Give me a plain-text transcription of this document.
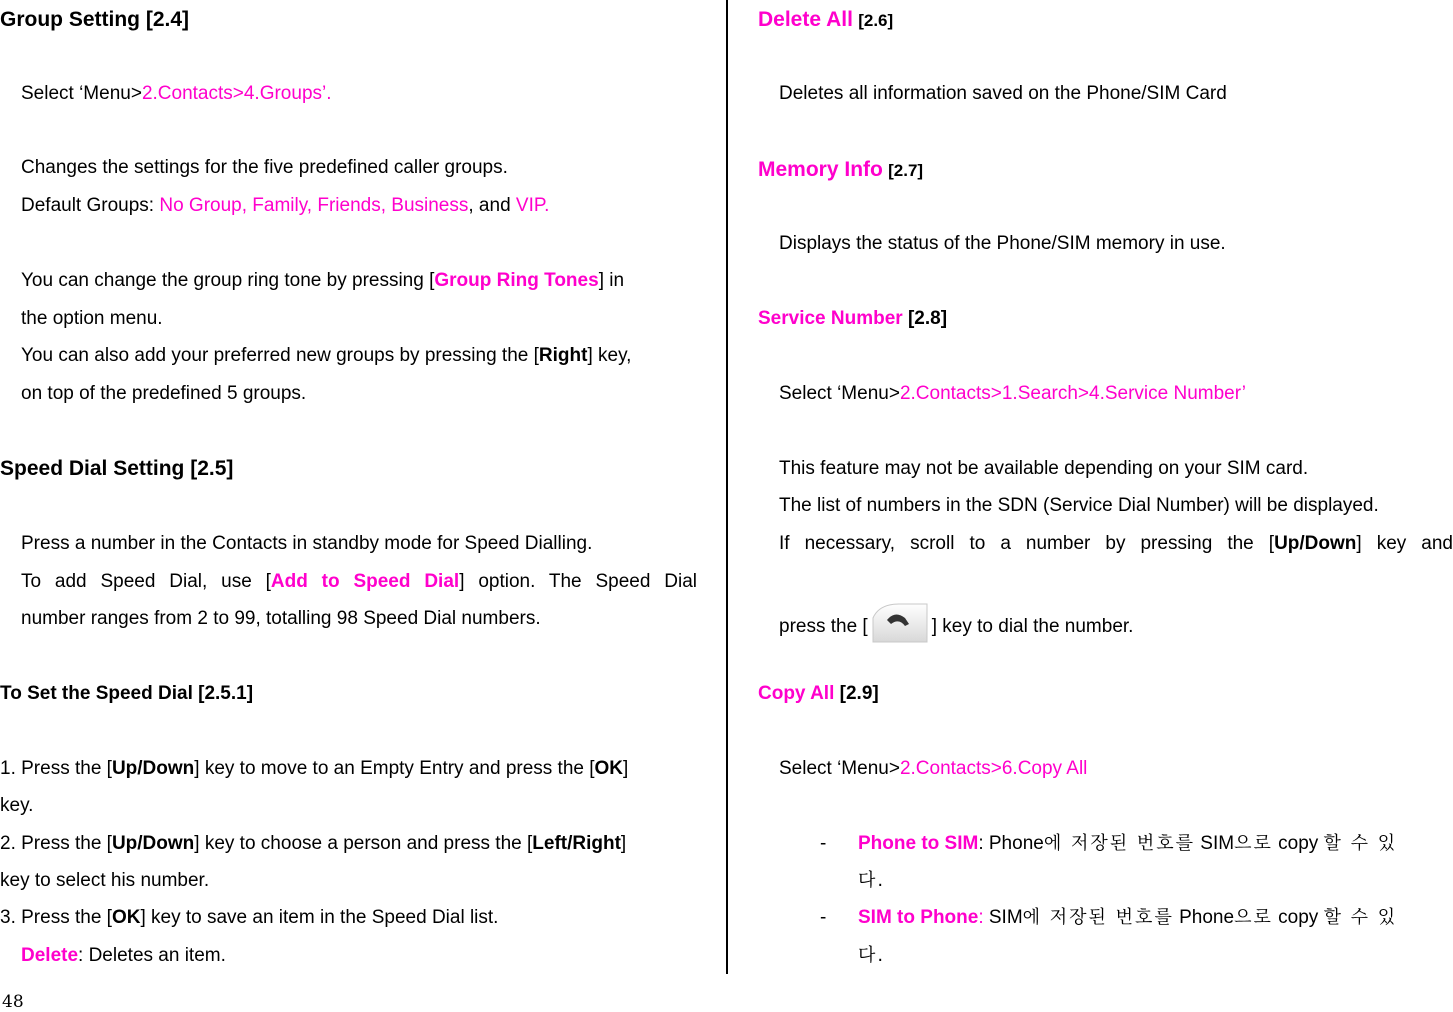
Group Setting [2.4]
Select ‘Menu>2.Contacts>4.Groups’.
Changes the settings for the five predefined caller groups.
Default Groups: No Group, Family, Friends, Business, and VIP.
You can change the group ring tone by pressing [Group Ring Tones] in
the option menu.
You can also add your preferred new groups by pressing the [Right] key,
on top of the predefined 5 groups.
Speed Dial Setting [2.5]
Press a number in the Contacts in standby mode for Speed Dialling.
To add Speed Dial, use [Add to Speed Dial] option. The Speed Dial
number ranges from 2 to 99, totalling 98 Speed Dial numbers.
To Set the Speed Dial [2.5.1]
1. Press the [Up/Down] key to move to an Empty Entry and press the [OK]
key.
2. Press the [Up/Down] key to choose a person and press the [Left/Right]
key to select his number.
3. Press the [OK] key to save an item in the Speed Dial list.
Delete: Deletes an item.
48
Delete All [2.6]
Deletes all information saved on the Phone/SIM Card
Memory Info [2.7]
Displays the status of the Phone/SIM memory in use.
Service Number [2.8]
Select ‘Menu>2.Contacts>1.Search>4.Service Number’
This feature may not be available depending on your SIM card.
The list of numbers in the SDN (Service Dial Number) will be displayed.
If necessary, scroll to a number by pressing the [Up/Down] key and
press the [	] key to dial the number.
Copy All [2.9]
Select ‘Menu>2.Contacts>6.Copy All
- Phone to SIM: Phone에 저장된 번호를 SIM으로 copy 할 수 있
다.
- SIM to Phone: SIM에 저장된 번호를 Phone으로 copy 할 수 있
다.
